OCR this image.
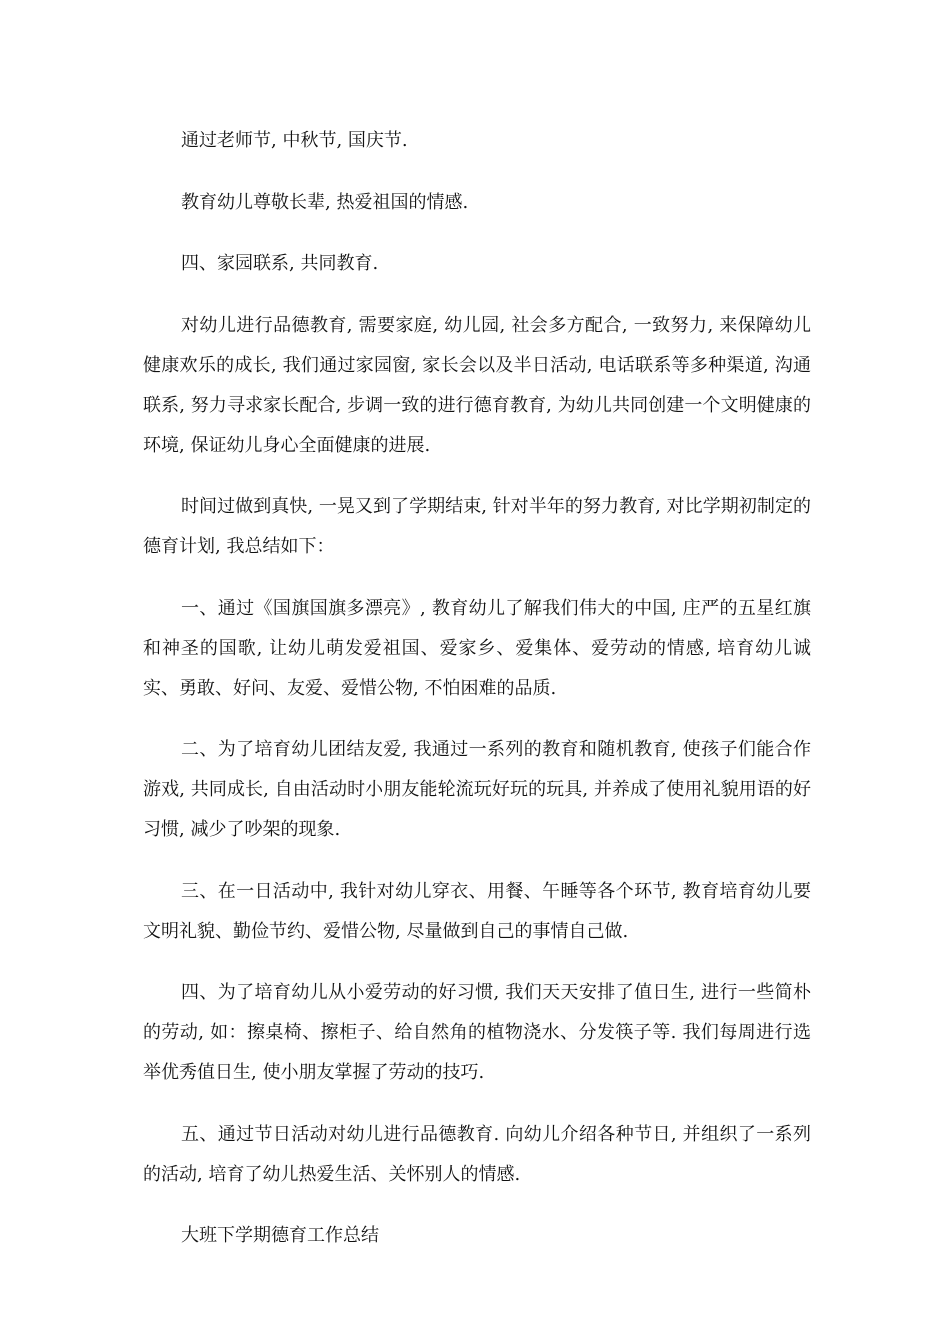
通过老师节, 中秋节, 国庆节.

教育幼儿尊敬长辈, 热爱祖国的情感.

四、家园联系, 共同教育.

对幼儿进行品德教育, 需要家庭, 幼儿园, 社会多方配合, 一致努力, 来保障幼儿健康欢乐的成长, 我们通过家园窗, 家长会以及半日活动, 电话联系等多种渠道, 沟通联系, 努力寻求家长配合, 步调一致的进行德育教育, 为幼儿共同创建一个文明健康的环境, 保证幼儿身心全面健康的进展.

时间过做到真快, 一晃又到了学期结束, 针对半年的努力教育, 对比学期初制定的德育计划, 我总结如下：

一、通过《国旗国旗多漂亮》, 教育幼儿了解我们伟大的中国, 庄严的五星红旗和神圣的国歌, 让幼儿萌发爱祖国、爱家乡、爱集体、爱劳动的情感, 培育幼儿诚实、勇敢、好问、友爱、爱惜公物, 不怕困难的品质.

二、为了培育幼儿团结友爱, 我通过一系列的教育和随机教育, 使孩子们能合作游戏, 共同成长, 自由活动时小朋友能轮流玩好玩的玩具, 并养成了使用礼貌用语的好习惯, 减少了吵架的现象.

三、在一日活动中, 我针对幼儿穿衣、用餐、午睡等各个环节, 教育培育幼儿要文明礼貌、勤俭节约、爱惜公物, 尽量做到自己的事情自己做.

四、为了培育幼儿从小爱劳动的好习惯, 我们天天安排了值日生, 进行一些简朴的劳动, 如：擦桌椅、擦柜子、给自然角的植物浇水、分发筷子等. 我们每周进行选举优秀值日生, 使小朋友掌握了劳动的技巧.

五、通过节日活动对幼儿进行品德教育. 向幼儿介绍各种节日, 并组织了一系列的活动, 培育了幼儿热爱生活、关怀别人的情感.

大班下学期德育工作总结
